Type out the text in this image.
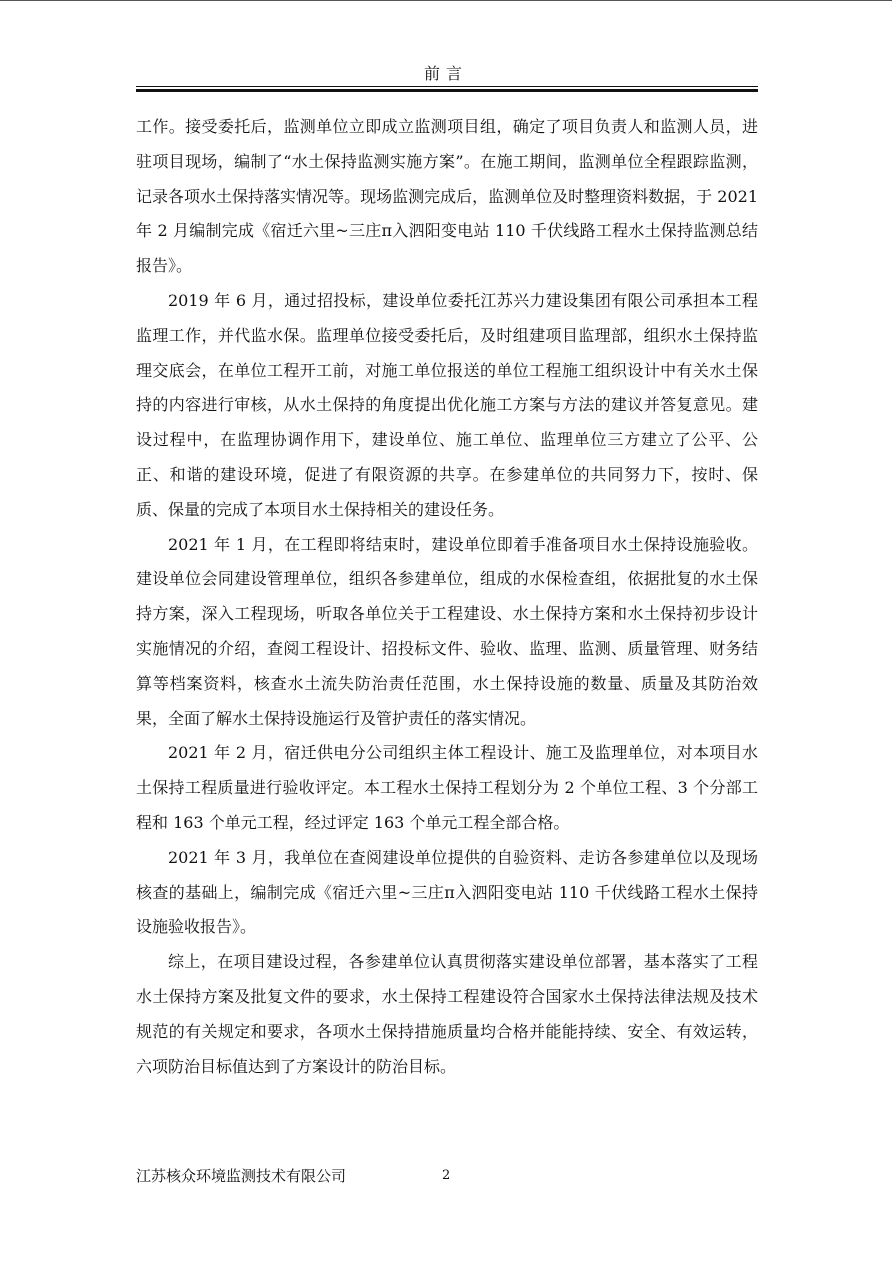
前言

工作。接受委托后，监测单位立即成立监测项目组，确定了项目负责人和监测人员，进驻项目现场，编制了“水土保持监测实施方案”。在施工期间，监测单位全程跟踪监测，记录各项水土保持落实情况等。现场监测完成后，监测单位及时整理资料数据，于 2021 年 2 月编制完成《宿迁六里~三庄π入泗阳变电站 110 千伏线路工程水土保持监测总结报告》。

2019 年 6 月，通过招投标，建设单位委托江苏兴力建设集团有限公司承担本工程监理工作，并代监水保。监理单位接受委托后，及时组建项目监理部，组织水土保持监理交底会，在单位工程开工前，对施工单位报送的单位工程施工组织设计中有关水土保持的内容进行审核，从水土保持的角度提出优化施工方案与方法的建议并答复意见。建设过程中，在监理协调作用下，建设单位、施工单位、监理单位三方建立了公平、公正、和谐的建设环境，促进了有限资源的共享。在参建单位的共同努力下，按时、保质、保量的完成了本项目水土保持相关的建设任务。

2021 年 1 月，在工程即将结束时，建设单位即着手准备项目水土保持设施验收。建设单位会同建设管理单位，组织各参建单位，组成的水保检查组，依据批复的水土保持方案，深入工程现场，听取各单位关于工程建设、水土保持方案和水土保持初步设计实施情况的介绍，查阅工程设计、招投标文件、验收、监理、监测、质量管理、财务结算等档案资料，核查水土流失防治责任范围，水土保持设施的数量、质量及其防治效果，全面了解水土保持设施运行及管护责任的落实情况。

2021 年 2 月，宿迁供电分公司组织主体工程设计、施工及监理单位，对本项目水土保持工程质量进行验收评定。本工程水土保持工程划分为 2 个单位工程、3 个分部工程和 163 个单元工程，经过评定 163 个单元工程全部合格。

2021 年 3 月，我单位在查阅建设单位提供的自验资料、走访各参建单位以及现场核查的基础上，编制完成《宿迁六里~三庄π入泗阳变电站 110 千伏线路工程水土保持设施验收报告》。

综上，在项目建设过程，各参建单位认真贯彻落实建设单位部署，基本落实了工程水土保持方案及批复文件的要求，水土保持工程建设符合国家水土保持法律法规及技术规范的有关规定和要求，各项水土保持措施质量均合格并能能持续、安全、有效运转，六项防治目标值达到了方案设计的防治目标。

江苏核众环境监测技术有限公司	2
